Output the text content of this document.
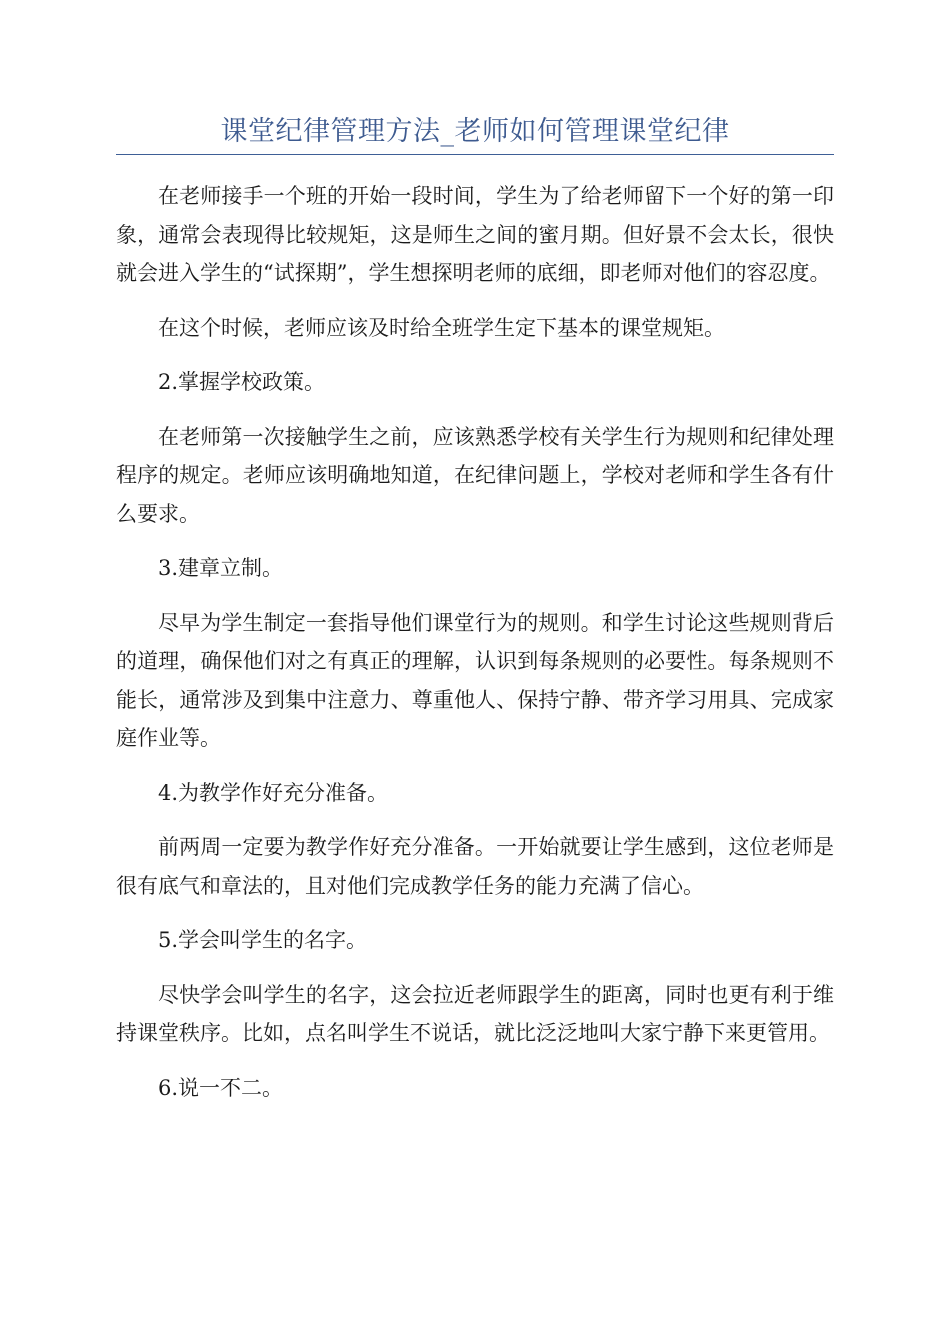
课堂纪律管理方法_老师如何管理课堂纪律

在老师接手一个班的开始一段时间，学生为了给老师留下一个好的第一印象，通常会表现得比较规矩，这是师生之间的蜜月期。但好景不会太长，很快就会进入学生的“试探期”，学生想探明老师的底细，即老师对他们的容忍度。

在这个时候，老师应该及时给全班学生定下基本的课堂规矩。

2.掌握学校政策。

在老师第一次接触学生之前，应该熟悉学校有关学生行为规则和纪律处理程序的规定。老师应该明确地知道，在纪律问题上，学校对老师和学生各有什么要求。

3.建章立制。

尽早为学生制定一套指导他们课堂行为的规则。和学生讨论这些规则背后的道理，确保他们对之有真正的理解，认识到每条规则的必要性。每条规则不能长，通常涉及到集中注意力、尊重他人、保持宁静、带齐学习用具、完成家庭作业等。

4.为教学作好充分准备。

前两周一定要为教学作好充分准备。一开始就要让学生感到，这位老师是很有底气和章法的，且对他们完成教学任务的能力充满了信心。

5.学会叫学生的名字。

尽快学会叫学生的名字，这会拉近老师跟学生的距离，同时也更有利于维持课堂秩序。比如，点名叫学生不说话，就比泛泛地叫大家宁静下来更管用。

6.说一不二。
